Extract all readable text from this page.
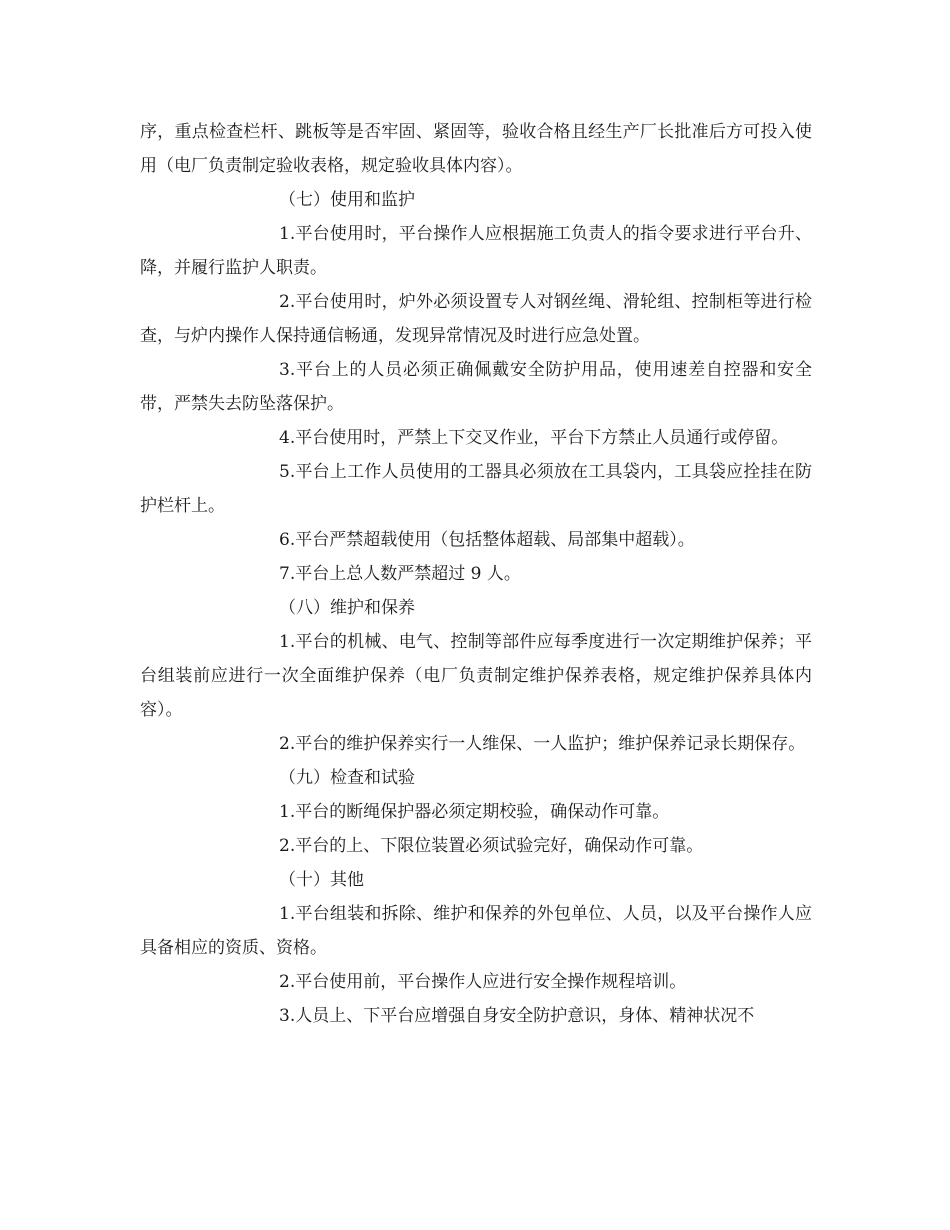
序，重点检查栏杆、跳板等是否牢固、紧固等，验收合格且经生产厂长批准后方可投入使用（电厂负责制定验收表格，规定验收具体内容）。

（七）使用和监护

1.平台使用时，平台操作人应根据施工负责人的指令要求进行平台升、降，并履行监护人职责。

2.平台使用时，炉外必须设置专人对钢丝绳、滑轮组、控制柜等进行检查，与炉内操作人保持通信畅通，发现异常情况及时进行应急处置。

3.平台上的人员必须正确佩戴安全防护用品，使用速差自控器和安全带，严禁失去防坠落保护。

4.平台使用时，严禁上下交叉作业，平台下方禁止人员通行或停留。

5.平台上工作人员使用的工器具必须放在工具袋内，工具袋应拴挂在防护栏杆上。

6.平台严禁超载使用（包括整体超载、局部集中超载）。

7.平台上总人数严禁超过 9 人。

（八）维护和保养

1.平台的机械、电气、控制等部件应每季度进行一次定期维护保养；平台组装前应进行一次全面维护保养（电厂负责制定维护保养表格，规定维护保养具体内容）。

2.平台的维护保养实行一人维保、一人监护；维护保养记录长期保存。

（九）检查和试验

1.平台的断绳保护器必须定期校验，确保动作可靠。

2.平台的上、下限位装置必须试验完好，确保动作可靠。

（十）其他

1.平台组装和拆除、维护和保养的外包单位、人员，以及平台操作人应具备相应的资质、资格。

2.平台使用前，平台操作人应进行安全操作规程培训。

3.人员上、下平台应增强自身安全防护意识，身体、精神状况不
